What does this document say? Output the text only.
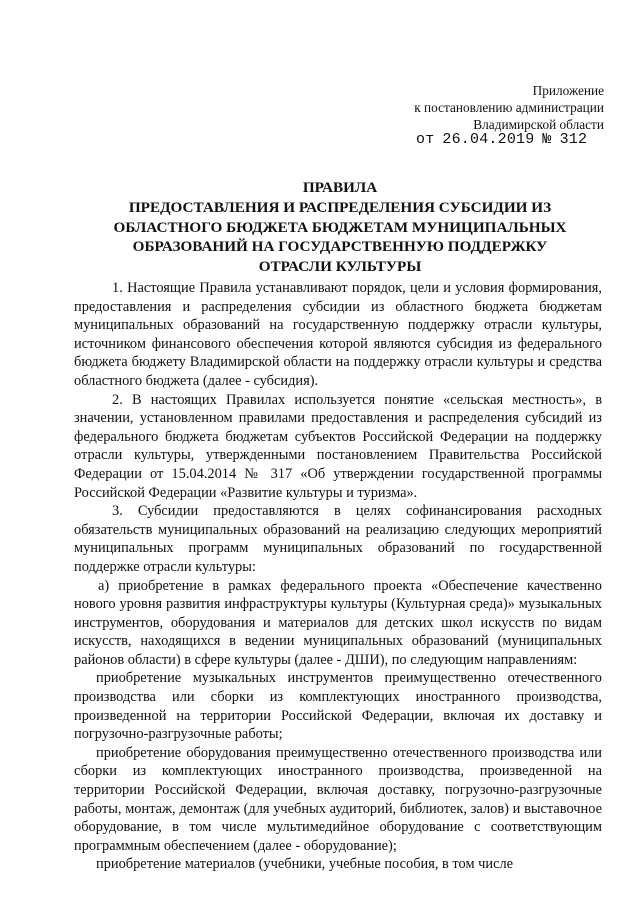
Приложение
к постановлению администрации
Владимирской области
от 26.04.2019 № 312
ПРАВИЛА
ПРЕДОСТАВЛЕНИЯ И РАСПРЕДЕЛЕНИЯ СУБСИДИИ ИЗ
ОБЛАСТНОГО БЮДЖЕТА БЮДЖЕТАМ МУНИЦИПАЛЬНЫХ
ОБРАЗОВАНИЙ НА ГОСУДАРСТВЕННУЮ ПОДДЕРЖКУ
ОТРАСЛИ КУЛЬТУРЫ

1. Настоящие Правила устанавливают порядок, цели и условия формирования, предоставления и распределения субсидии из областного бюджета бюджетам муниципальных образований на государственную поддержку отрасли культуры, источником финансового обеспечения которой являются субсидия из федерального бюджета бюджету Владимирской области на поддержку отрасли культуры и средства областного бюджета (далее - субсидия).

2. В настоящих Правилах используется понятие «сельская местность», в значении, установленном правилами предоставления и распределения субсидий из федерального бюджета бюджетам субъектов Российской Федерации на поддержку отрасли культуры, утвержденными постановлением Правительства Российской Федерации от 15.04.2014 № 317 «Об утверждении государственной программы Российской Федерации «Развитие культуры и туризма».

3. Субсидии предоставляются в целях софинансирования расходных обязательств муниципальных образований на реализацию следующих мероприятий муниципальных программ муниципальных образований по государственной поддержке отрасли культуры:

а) приобретение в рамках федерального проекта «Обеспечение качественно нового уровня развития инфраструктуры культуры (Культурная среда)» музыкальных инструментов, оборудования и материалов для детских школ искусств по видам искусств, находящихся в ведении муниципальных образований (муниципальных районов области) в сфере культуры (далее - ДШИ), по следующим направлениям:

приобретение музыкальных инструментов преимущественно отечественного производства или сборки из комплектующих иностранного производства, произведенной на территории Российской Федерации, включая их доставку и погрузочно-разгрузочные работы;

приобретение оборудования преимущественно отечественного производства или сборки из комплектующих иностранного производства, произведенной на территории Российской Федерации, включая доставку, погрузочно-разгрузочные работы, монтаж, демонтаж (для учебных аудиторий, библиотек, залов) и выставочное оборудование, в том числе мультимедийное оборудование с соответствующим программным обеспечением (далее - оборудование);

приобретение материалов (учебники, учебные пособия, в том числе
